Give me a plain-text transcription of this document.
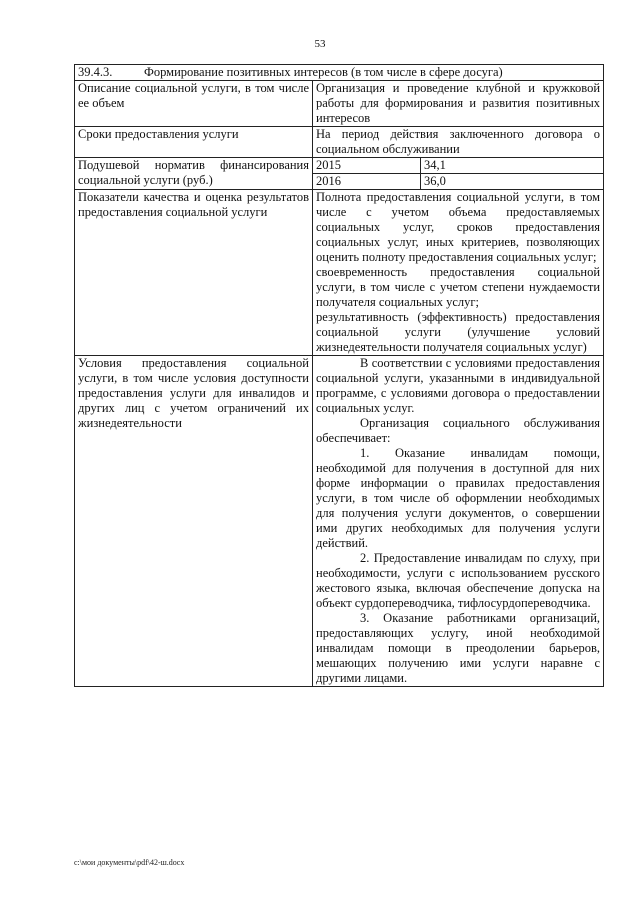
53
39.4.3. Формирование позитивных интересов (в том числе в сфере досуга)		
Описание социальной услуги, в том числе ее объем	Организация и проведение клубной и кружковой работы для формирования и развития позитивных интересов	
Сроки предоставления услуги	На период действия заключенного договора о социальном обслуживании	
Подушевой норматив финансирования социальной услуги (руб.)	2015	34,1
	2016	36,0
Показатели качества и оценка результатов предоставления социальной услуги	Полнота предоставления социальной услуги, в том числе с учетом объема предоставляемых социальных услуг, сроков предоставления социальных услуг, иных критериев, позволяющих оценить полноту предоставления социальных услуг;

своевременность предоставления социальной услуги, в том числе с учетом степени нуждаемости получателя социальных услуг;

результативность (эффективность) предоставления социальной услуги (улучшение условий жизнедеятельности получателя социальных услуг)	

Условия предоставления социальной услуги, в том числе условия доступности предоставления услуги для инвалидов и других лиц с учетом ограничений их жизнедеятельности	В соответствии с условиями предоставления социальной услуги, указанными в индивидуальной программе, с условиями договора о предоставлении социальных услуг.

Организация социального обслуживания обеспечивает:

1. Оказание инвалидам помощи, необходимой для получения в доступной для них форме информации о правилах предоставления услуги, в том числе об оформлении необходимых для получения услуги документов, о совершении ими других необходимых для получения услуги действий.

2. Предоставление инвалидам по слуху, при необходимости, услуги с использованием русского жестового языка, включая обеспечение допуска на объект сурдопереводчика, тифлосурдопереводчика.

3. Оказание работниками организаций, предоставляющих услугу, иной необходимой инвалидам помощи в преодолении барьеров, мешающих получению ими услуги наравне с другими лицами.	

c:\мои документы\pdf\42-ш.docx
